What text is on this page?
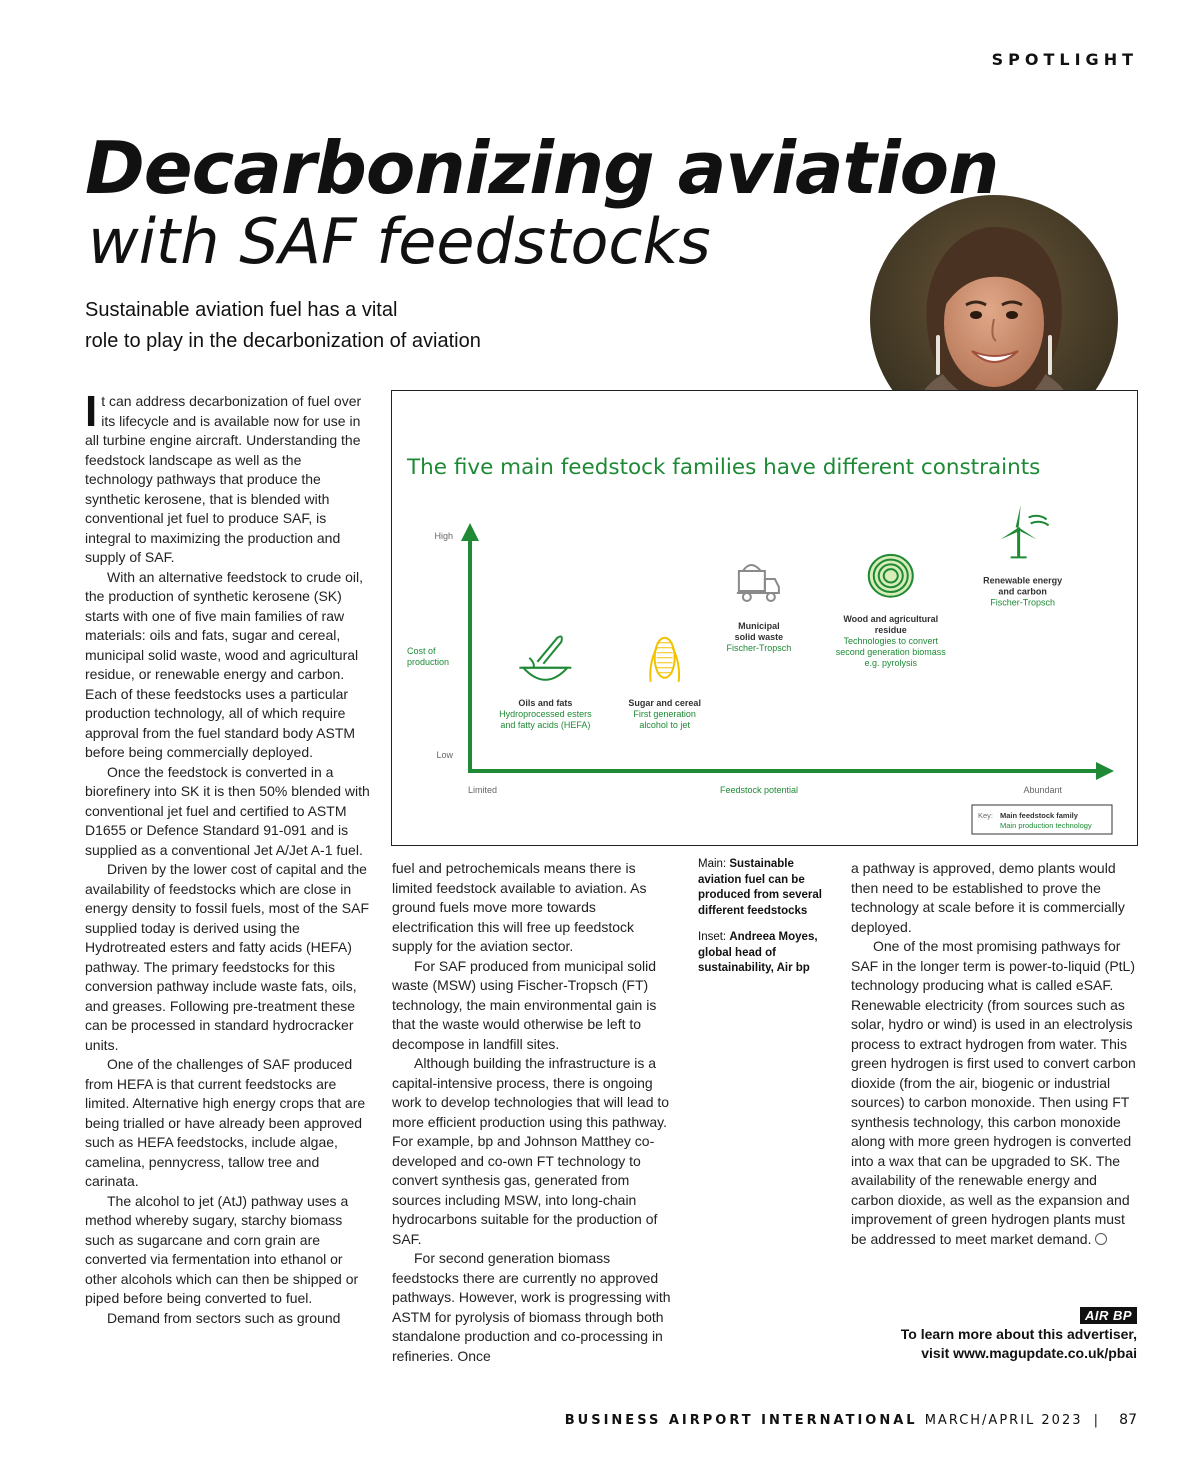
SPOTLIGHT
Decarbonizing aviation
with SAF feedstocks
Sustainable aviation fuel has a vital
role to play in the decarbonization of aviation

It can address decarbonization of fuel over its lifecycle and is available now for use in all turbine engine aircraft. Understanding the feedstock landscape as well as the technology pathways that produce the synthetic kerosene, that is blended with conventional jet fuel to produce SAF, is integral to maximizing the production and supply of SAF.

With an alternative feedstock to crude oil, the production of synthetic kerosene (SK) starts with one of five main families of raw materials: oils and fats, sugar and cereal, municipal solid waste, wood and agricultural residue, or renewable energy and carbon. Each of these feedstocks uses a particular production technology, all of which require approval from the fuel standard body ASTM before being commercially deployed.

Once the feedstock is converted in a biorefinery into SK it is then 50% blended with conventional jet fuel and certified to ASTM D1655 or Defence Standard 91-091 and is supplied as a conventional Jet A/Jet A-1 fuel.

Driven by the lower cost of capital and the availability of feedstocks which are close in energy density to fossil fuels, most of the SAF supplied today is derived using the Hydrotreated esters and fatty acids (HEFA) pathway. The primary feedstocks for this conversion pathway include waste fats, oils, and greases. Following pre-treatment these can be processed in standard hydrocracker units.

One of the challenges of SAF produced from HEFA is that current feedstocks are limited. Alternative high energy crops that are being trialled or have already been approved such as HEFA feedstocks, include algae, camelina, pennycress, tallow tree and carinata.

The alcohol to jet (AtJ) pathway uses a method whereby sugary, starchy biomass such as sugarcane and corn grain are converted via fermentation into ethanol or other alcohols which can then be shipped or piped before being converted to fuel.

Demand from sectors such as ground

The five main feedstock families have different constraints
High
Low
Limited	Abundant
Feedstock potential
Cost of production
Oils and fats
Hydroprocessed esters
and fatty acids (HEFA)
Sugar and cereal
First generation
alcohol to jet
Municipal
solid waste
Fischer-Tropsch
Wood and agricultural
residue
Technologies to convert
second generation biomass
e.g. pyrolysis
Renewable energy
and carbon
Fischer-Tropsch
Key: Main feedstock family
Main production technology

fuel and petrochemicals means there is limited feedstock available to aviation. As ground fuels move more towards electrification this will free up feedstock supply for the aviation sector.

For SAF produced from municipal solid waste (MSW) using Fischer-Tropsch (FT) technology, the main environmental gain is that the waste would otherwise be left to decompose in landfill sites.

Although building the infrastructure is a capital-intensive process, there is ongoing work to develop technologies that will lead to more efficient production using this pathway. For example, bp and Johnson Matthey co-developed and co-own FT technology to convert synthesis gas, generated from sources including MSW, into long-chain hydrocarbons suitable for the production of SAF.

For second generation biomass feedstocks there are currently no approved pathways. However, work is progressing with ASTM for pyrolysis of biomass through both standalone production and co-processing in refineries. Once

Main: Sustainable aviation fuel can be produced from several different feedstocks
Inset: Andreea Moyes, global head of sustainability, Air bp

a pathway is approved, demo plants would then need to be established to prove the technology at scale before it is commercially deployed.

One of the most promising pathways for SAF in the longer term is power-to-liquid (PtL) technology producing what is called eSAF. Renewable electricity (from sources such as solar, hydro or wind) is used in an electrolysis process to extract hydrogen from water. This green hydrogen is first used to convert carbon dioxide (from the air, biogenic or industrial sources) to carbon monoxide. Then using FT synthesis technology, this carbon monoxide along with more green hydrogen is converted into a wax that can be upgraded to SK. The availability of the renewable energy and carbon dioxide, as well as the expansion and improvement of green hydrogen plants must be addressed to meet market demand.

AIR BP
To learn more about this advertiser,
visit www.magupdate.co.uk/pbai
BUSINESS AIRPORT INTERNATIONAL MARCH/APRIL 2023 | 87
